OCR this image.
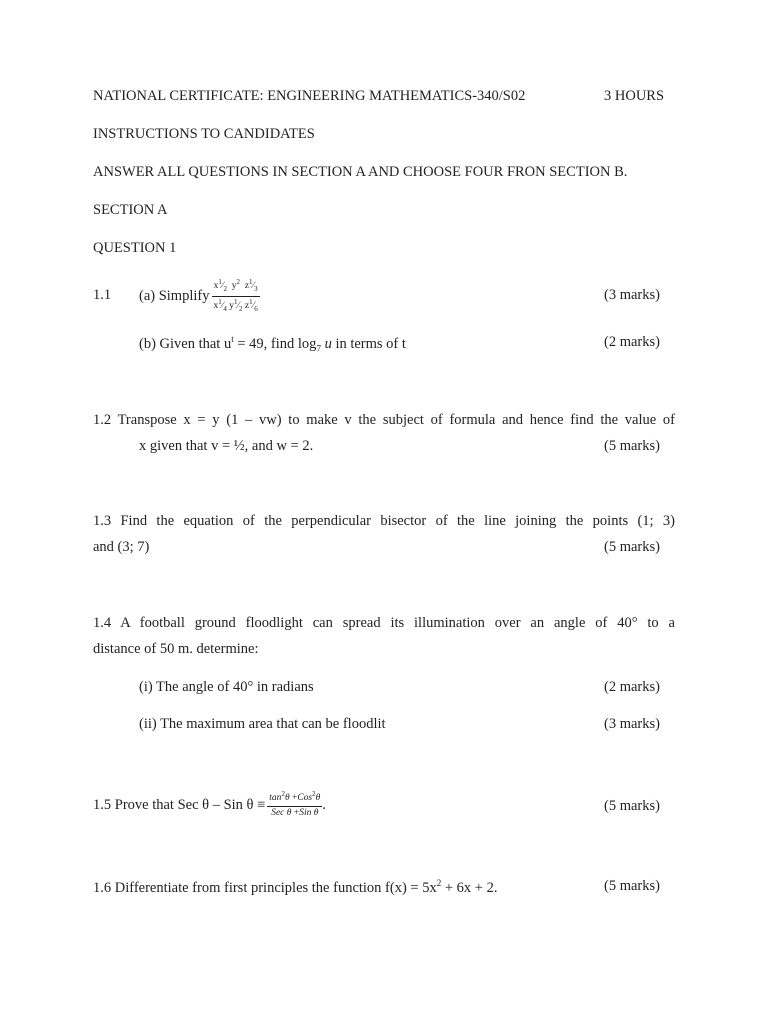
NATIONAL CERTIFICATE: ENGINEERING MATHEMATICS-340/S02	3 HOURS
INSTRUCTIONS TO CANDIDATES
ANSWER ALL QUESTIONS IN SECTION A AND CHOOSE FOUR FRON SECTION B.
SECTION A
QUESTION 1
1.1 (a) Simplify $\frac{x^1⁄_2 y^2 z^1⁄_3}{x^1⁄_4 y^1⁄_2 z^1⁄_6}$	(3 marks)
(b) Given that $u^t = 49$, find $\log_7 u$ in terms of t	(2 marks)
1.2 Transpose x = y (1 – vw) to make v the subject of formula and hence find the value of
x given that v = ½, and w = 2.	(5 marks)
1.3 Find the equation of the perpendicular bisector of the line joining the points (1; 3)
and (3; 7)	(5 marks)
1.4 A football ground floodlight can spread its illumination over an angle of 40° to a
distance of 50 m. determine:
(i) The angle of 40° in radians	(2 marks)
(ii) The maximum area that can be floodlit	(3 marks)
1.5 Prove that Sec θ – Sin $\theta \equiv \frac{\tan^2\theta +Cos^2\theta}{\text{Sec θ +Sin θ}}$ .	(5 marks)
1.6 Differentiate from first principles the function $f(x) = 5x^2 + 6x + 2$.	(5 marks)
